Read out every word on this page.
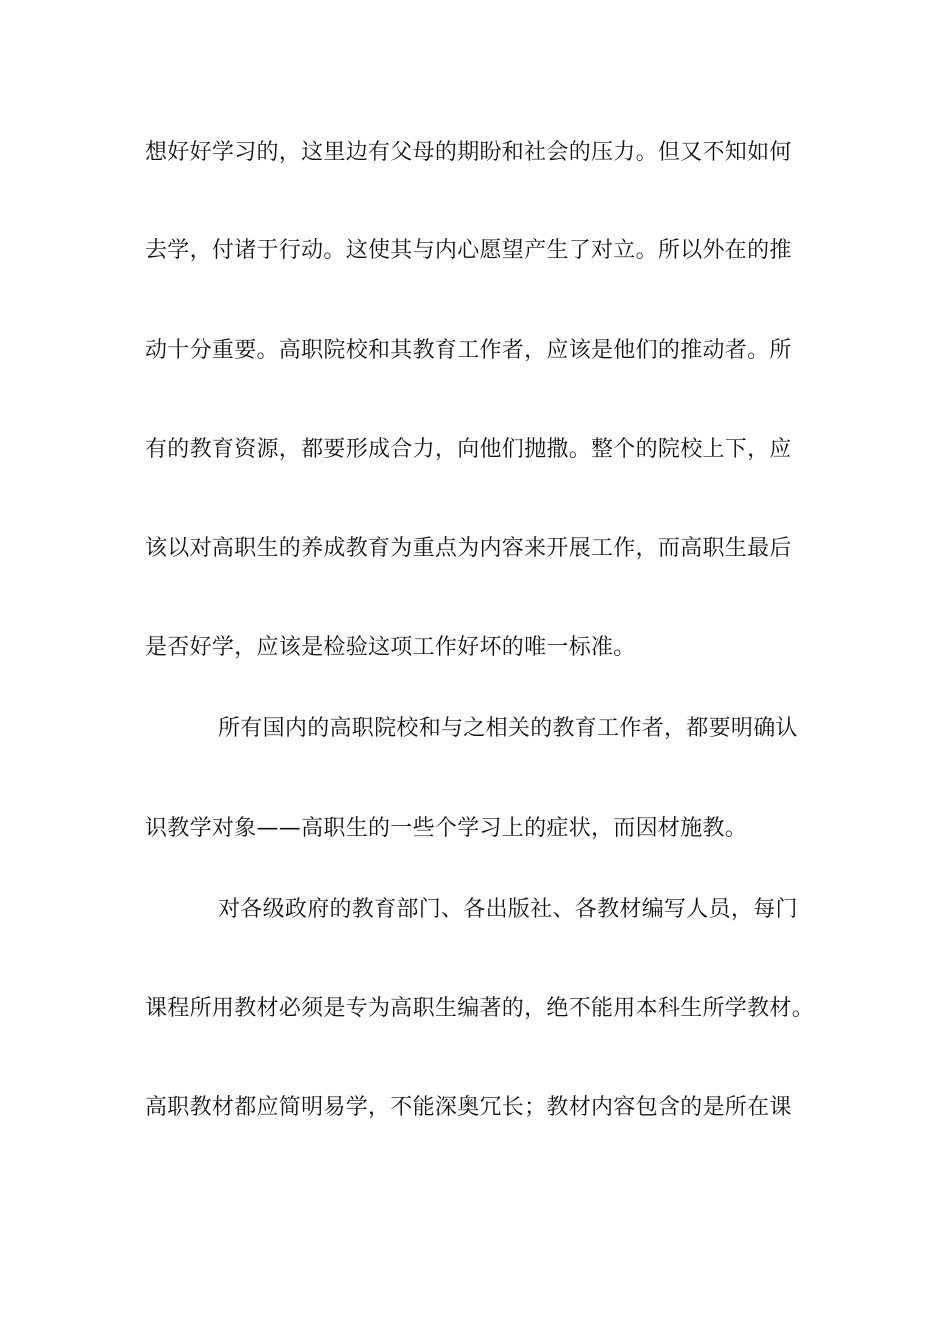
想好好学习的，这里边有父母的期盼和社会的压力。但又不知如何
去学，付诸于行动。这使其与内心愿望产生了对立。所以外在的推
动十分重要。高职院校和其教育工作者，应该是他们的推动者。所
有的教育资源，都要形成合力，向他们抛撒。整个的院校上下，应
该以对高职生的养成教育为重点为内容来开展工作，而高职生最后
是否好学，应该是检验这项工作好坏的唯一标准。
所有国内的高职院校和与之相关的教育工作者，都要明确认
识教学对象——高职生的一些个学习上的症状，而因材施教。
对各级政府的教育部门、各出版社、各教材编写人员，每门
课程所用教材必须是专为高职生编著的，绝不能用本科生所学教材。
高职教材都应简明易学，不能深奥冗长；教材内容包含的是所在课
